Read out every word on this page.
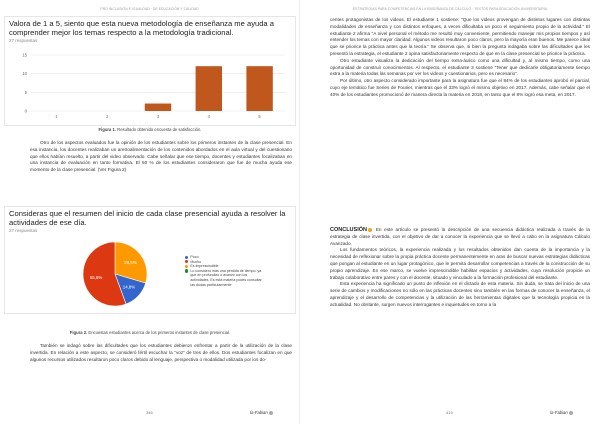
PRO INCLUSIÓN E IGUALDAD · DE EDUCACIÓN Y CALIDAD
Valora de 1 a 5, siento que esta nueva metodología de enseñanza me ayuda a comprender mejor los temas respecto a la metodología tradicional.
27 respuestas
0
5
10
15
1	2	3	4	5
Figura 1. Resultado obtenido encuesta de satisfacción.

Otro de los aspectos evaluados fue la opinión de los estudiantes sobre los primeros instantes de la clase presencial. En esa instancia, los docentes realizaban un aretroalimentación de los contenidos abordados en el aula virtual y del cuestionario que ellos habían resuelto, a partir del video observado. Cabe señalar que ese tiempo, docentes y estudiantes focalizaban en una instancia de evaluación en tanto formativa. El 50 % de los estudiantes consideraron que fue de mucha ayuda ese momento de la clase presencial. (Ver Figura 2)

Consideras que el resumen del inicio de cada clase presencial ayuda a resolver la actividades de ese día.
27 respuestas
29,6%
14,8%
55,6%
Poco
Mucho
Es imprescindible
Lo considero más una pérdida de tiempo, ya que en profundizo o avanzo con los actividades. Es está materia podes consultar las dudas particularmente
Figura 2. Encuestas estudiantes acerca de los primeros instantes de clase presencial.

También se indagó sobre las dificultades que los estudiantes debieron enfrentar a partir de la utilización de la clase invertida. En relación a este aspecto, se consideró fértil escuchar la “voz” de tres de ellos. Dos estudiantes focalizan en que algunos recursos utilizados resultaron poco claros debido al lenguaje, perspectiva o modalidad utilizada por los do-

346	Ía·Fabian
ESTRATEGIAS PARA COMPETENCIAS EN LA ENSEÑANZA DE CÁLCULO · TEXTOS PARA EDUCACIÓN UNIVERSITARIA

centes protagonistas de los videos. El estudiante 1 sostiene: “Que los videos provengan de distintos lugares con distintas modalidades de enseñanza y con distintos enfoques, a veces dificultaba un poco el seguimiento propio de la actividad.” El estudiante 2 afirma “A nivel personal el método me resultó muy conveniente, permitiendo manejar mis propios tiempos y así entender los temas con mayor claridad. Algunos videos resultaron poco claros, pero la mayoría eran buenos. Me parece ideal que se priorice la práctica antes que la teoría.” Se observa que, si bien la pregunta indagaba sobre las dificultades que les presentó la estrategia, el estudiante 2 opina satisfactoriamente respecto de que en la clase presencial se priorice la práctica.

Otro estudiante visualiza la dedicación del tiempo extra-áulico como una dificultad y, al mismo tiempo, como una oportunidad de construir conocimientos. Al respecto, el estudiante 3 sostiene “Tener que dedicarle obligatoriamente tiempo extra a la materia todas las semanas por ver los videos y cuestionarios, pero es necesario”.

Por último, otro aspecto considerado importante para la asignatura fue que el 84% de los estudiantes aprobó el parcial, cuyo eje temático fue Series de Fourier, mientras que el 33% logró el mismo objetivo en 2017. Además, cabe señalar que el 40% de los estudiantes promocionó de manera directa la materia en 2018, en tanto que el 8% logró esa meta, en 2017.

CONCLUSIÓN En este artículo se presentó la descripción de una secuencia didáctica realizada a través de la estrategia de clase invertida, con el objetivo de dar a conocer la experiencia que se llevó a cabo en la asignatura Cálculo Avanzado.

Los fundamentos teóricos, la experiencia realizada y los resultados obtenidos dan cuenta de la importancia y la necesidad de reflexionar sobre la propia práctica docente permanentemente en aras de buscar nuevas estrategias didácticas que pongan al estudiante en un lugar protagónico, que le permita desarrollar competencias a través de la construcción de su propio aprendizaje. En ese marco, se vuelve imprescindible habilitar espacios y actividades, cuya resolución propicie un trabajo colaborativo entre pares y con el docente, situado y vinculado a la formación profesional del estudiante.

Esta experiencia ha significado un punto de inflexión en el dictado de esta materia. Sin duda, se trata del inicio de una serie de cambios y modificaciones no sólo en las prácticas docentes sino también en las formas de conocer la enseñanza, el aprendizaje y el desarrollo de competencias y la utilización de las herramientas digitales que la tecnología propicia en la actualidad. No obstante, surgen nuevos interrogantes e inquietudes en torno a la

419	Ía·Fabian
